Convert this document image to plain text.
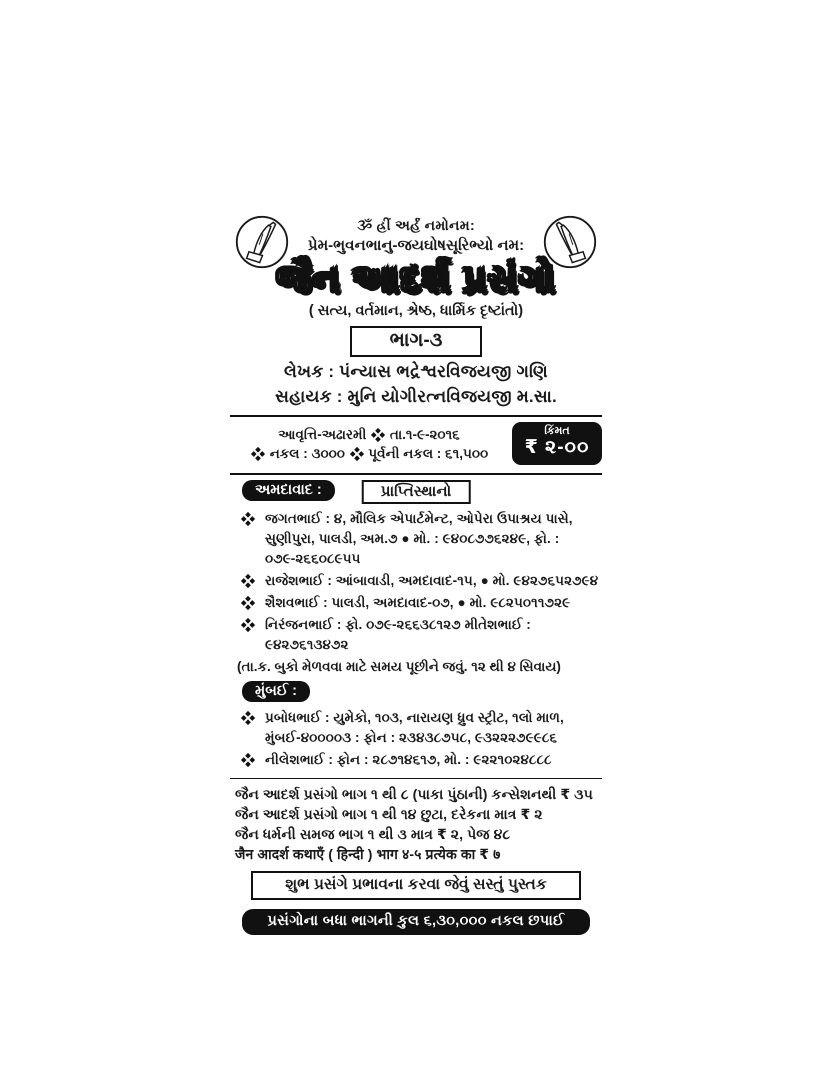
ૐ હ્રીં અર્હં નમોનમ:
પ્રેમ-ભુવનભાનુ-જયઘોષસૂરિભ્યો નમ:
જૈન આદર્શ પ્રસંગો
( સત્ય, વર્તમાન, શ્રેષ્ઠ, ધાર્મિક દૃષ્ટાંતો)
ભાગ-૩
લેખક : પંન્યાસ ભદ્રેશ્વરવિજયજી ગણિ
સહાયક : મુનિ યોગીરત્નવિજયજી મ.સા.
આવૃત્તિ-અઢારમી તા.૧-૯-૨૦૧૬
નકલ : ૩૦૦૦ પૂર્વની નકલ : ૬૧,૫૦૦
કિંમત
₹ ૨-૦૦
અમદાવાદ :	પ્રાપ્તિસ્થાનો
જગતભાઈ : ૪, મૌલિક એપાર્ટમેન્ટ, ઓપેરા ઉપાશ્રય પાસે, સુણીપુરા, પાલડી, અમ.૭ ● મો. : ૯૪૦૮૭૭૬૨૪૯, ફો. : ૦૭૯-૨૬૬૦૮૯૫૫
રાજેશભાઈ : આંબાવાડી, અમદાવાદ-૧૫, ● મો. ૯૪૨૭૬૫૨૭૯૪
શૈશવભાઈ : પાલડી, અમદાવાદ-૦૭, ● મો. ૯૮૨૫૦૧૧૭૨૯
નિરંજનભાઈ : ફો. ૦૭૯-૨૬૬૩૮૧૨૭ મીતેશભાઈ : ૯૪૨૭૬૧૩૪૭૨
(તા.ક. બુકો મેળવવા માટે સમય પૂછીને જવું. ૧૨ થી ૪ સિવાય)
મુંબઈ :
પ્રબોધભાઈ : યુમેકો, ૧૦૩, નારાયણ ધ્રુવ સ્ટ્રીટ, ૧લો માળ, મુંબઈ-૪૦૦૦૦૩ : ફોન : ૨૩૪૩૮૭૫૮, ૯૩૨૨૨૭૯૯૮૬
નીલેશભાઈ : ફોન : ૨૮૭૧૪૬૧૭, મો. : ૯૨૨૧૦૨૪૮૮૮
જૈન આદર્શ પ્રસંગો ભાગ ૧ થી ૮ (પાકા પુંઠાની) કન્સેશનથી ₹ ૩૫
જૈન આદર્શ પ્રસંગો ભાગ ૧ થી ૧૪ છુટા, દરેકના માત્ર ₹ ૨
જૈન ધર્મની સમજ ભાગ ૧ થી ૩ માત્ર ₹ ૨, પેજ ૪૮
जैन आदर्श कथाएँ ( हिन्दी ) भाग ४-५ प्रत्येक का ₹ ७
શુભ પ્રસંગે પ્રભાવના કરવા જેવું સસ્તું પુસ્તક
પ્રસંગોના બધા ભાગની કુલ ૬,૩૦,૦૦૦ નકલ છપાઈ
